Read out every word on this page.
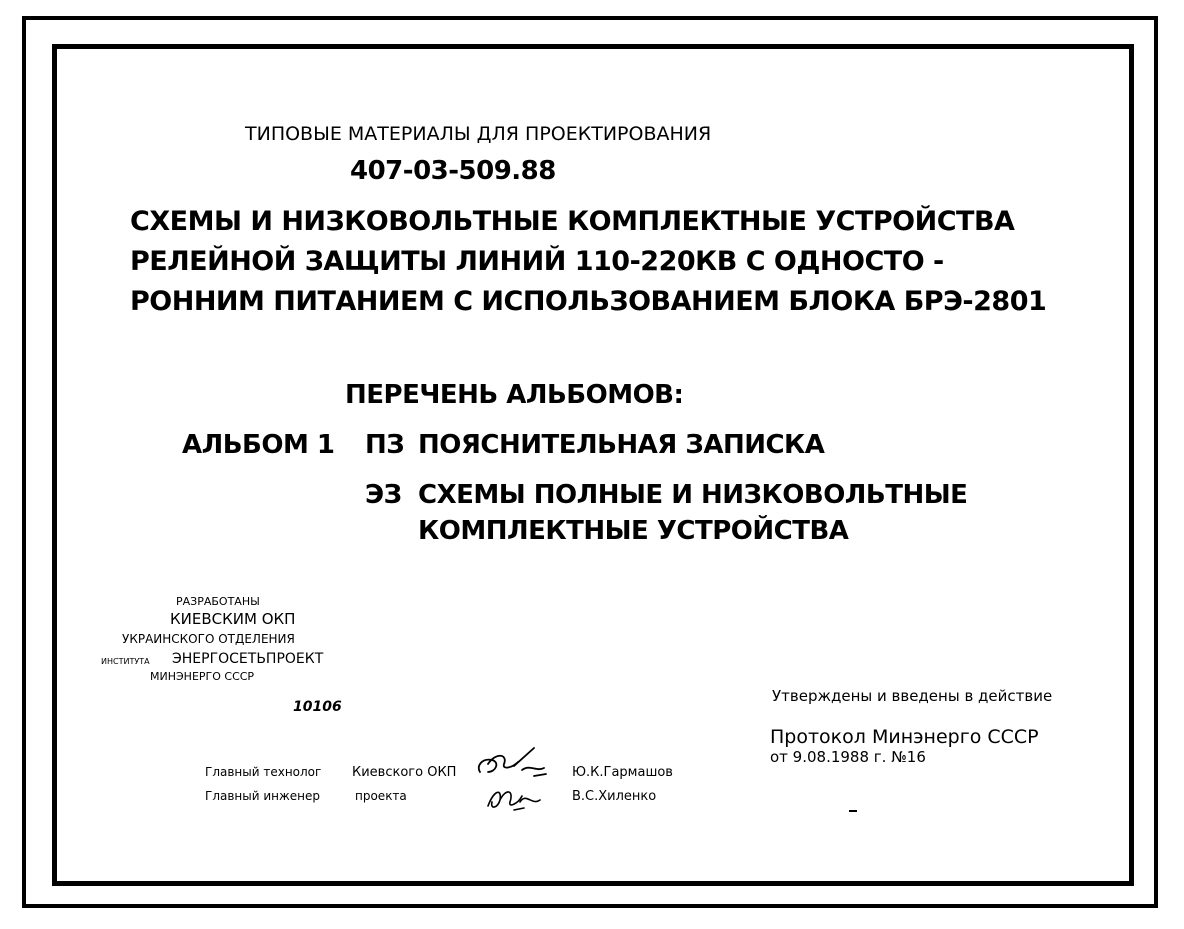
ТИПОВЫЕ МАТЕРИАЛЫ ДЛЯ ПРОЕКТИРОВАНИЯ
407-03-509.88
СХЕМЫ И НИЗКОВОЛЬТНЫЕ КОМПЛЕКТНЫЕ УСТРОЙСТВА
РЕЛЕЙНОЙ ЗАЩИТЫ ЛИНИЙ 110-220КВ С ОДНОСТО -
РОННИМ ПИТАНИЕМ С ИСПОЛЬЗОВАНИЕМ БЛОКА БРЭ-2801
ПЕРЕЧЕНЬ АЛЬБОМОВ:
АЛЬБОМ 1 ПЗ ПОЯСНИТЕЛЬНАЯ ЗАПИСКА
ЭЗ СХЕМЫ ПОЛНЫЕ И НИЗКОВОЛЬТНЫЕ
КОМПЛЕКТНЫЕ УСТРОЙСТВА
РАЗРАБОТАНЫ
КИЕВСКИМ ОКП
УКРАИНСКОГО ОТДЕЛЕНИЯ
ИНСТИТУТА ЭНЕРГОСЕТЬПРОЕКТ
МИНЭНЕРГО СССР
10106
Утверждены и введены в действие
Протокол Минэнерго СССР
от 9.08.1988 г. №16
Главный технолог
Главный инженер
Киевского ОКП
проекта
Ю.К.Гармашов
В.С.Хиленко
